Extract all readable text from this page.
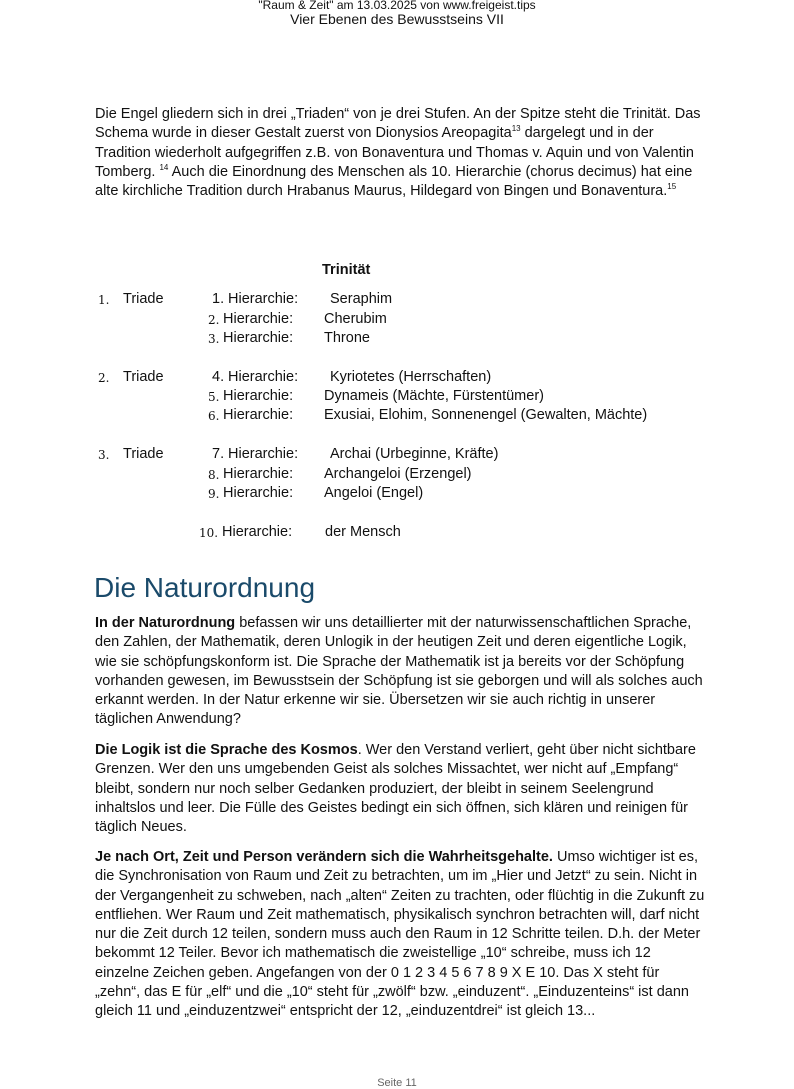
"Raum & Zeit" am 13.03.2025 von www.freigeist.tips
Vier Ebenen des Bewusstseins VII

Die Engel gliedern sich in drei „Triaden“ von je drei Stufen. An der Spitze steht die Trinität. Das Schema wurde in dieser Gestalt zuerst von Dionysios Areopagita$^{13}$ dargelegt und in der Tradition wiederholt aufgegriffen z.B. von Bonaventura und Thomas v. Aquin und von Valentin Tomberg. $^{14}$ Auch die Einordnung des Menschen als 10. Hierarchie (chorus decimus) hat eine alte kirchliche Tradition durch Hrabanus Maurus, Hildegard von Bingen und Bonaventura.$^{15}$

Trinität
1. Triade	1. Hierarchie: Seraphim
2. Hierarchie: Cherubim
3. Hierarchie: Throne
2. Triade	4. Hierarchie: Kyriotetes (Herrschaften)
5. Hierarchie: Dynameis (Mächte, Fürstentümer)
6. Hierarchie: Exusiai, Elohim, Sonnenengel (Gewalten, Mächte)
3. Triade	7. Hierarchie: Archai (Urbeginne, Kräfte)
8. Hierarchie: Archangeloi (Erzengel)
9. Hierarchie: Angeloi (Engel)
10. Hierarchie: der Mensch
Die Naturordnung

In der Naturordnung befassen wir uns detaillierter mit der naturwissenschaftlichen Sprache, den Zahlen, der Mathematik, deren Unlogik in der heutigen Zeit und deren eigentliche Logik, wie sie schöpfungskonform ist. Die Sprache der Mathematik ist ja bereits vor der Schöpfung vorhanden gewesen, im Bewusstsein der Schöpfung ist sie geborgen und will als solches auch erkannt werden. In der Natur erkenne wir sie. Übersetzen wir sie auch richtig in unserer täglichen Anwendung?

Die Logik ist die Sprache des Kosmos. Wer den Verstand verliert, geht über nicht sichtbare Grenzen. Wer den uns umgebenden Geist als solches Missachtet, wer nicht auf „Empfang“ bleibt, sondern nur noch selber Gedanken produziert, der bleibt in seinem Seelengrund inhaltslos und leer. Die Fülle des Geistes bedingt ein sich öffnen, sich klären und reinigen für täglich Neues.

Je nach Ort, Zeit und Person verändern sich die Wahrheitsgehalte. Umso wichtiger ist es, die Synchronisation von Raum und Zeit zu betrachten, um im „Hier und Jetzt“ zu sein. Nicht in der Vergangenheit zu schweben, nach „alten“ Zeiten zu trachten, oder flüchtig in die Zukunft zu entfliehen. Wer Raum und Zeit mathematisch, physikalisch synchron betrachten will, darf nicht nur die Zeit durch 12 teilen, sondern muss auch den Raum in 12 Schritte teilen. D.h. der Meter bekommt 12 Teiler. Bevor ich mathematisch die zweistellige „10“ schreibe, muss ich 12 einzelne Zeichen geben. Angefangen von der 0 1 2 3 4 5 6 7 8 9 X E 10. Das X steht für „zehn“, das E für „elf“ und die „10“ steht für „zwölf“ bzw. „einduzent“. „Einduzenteins“ ist dann gleich 11 und „einduzentzwei“ entspricht der 12, „einduzentdrei“ ist gleich 13...

Seite 11
